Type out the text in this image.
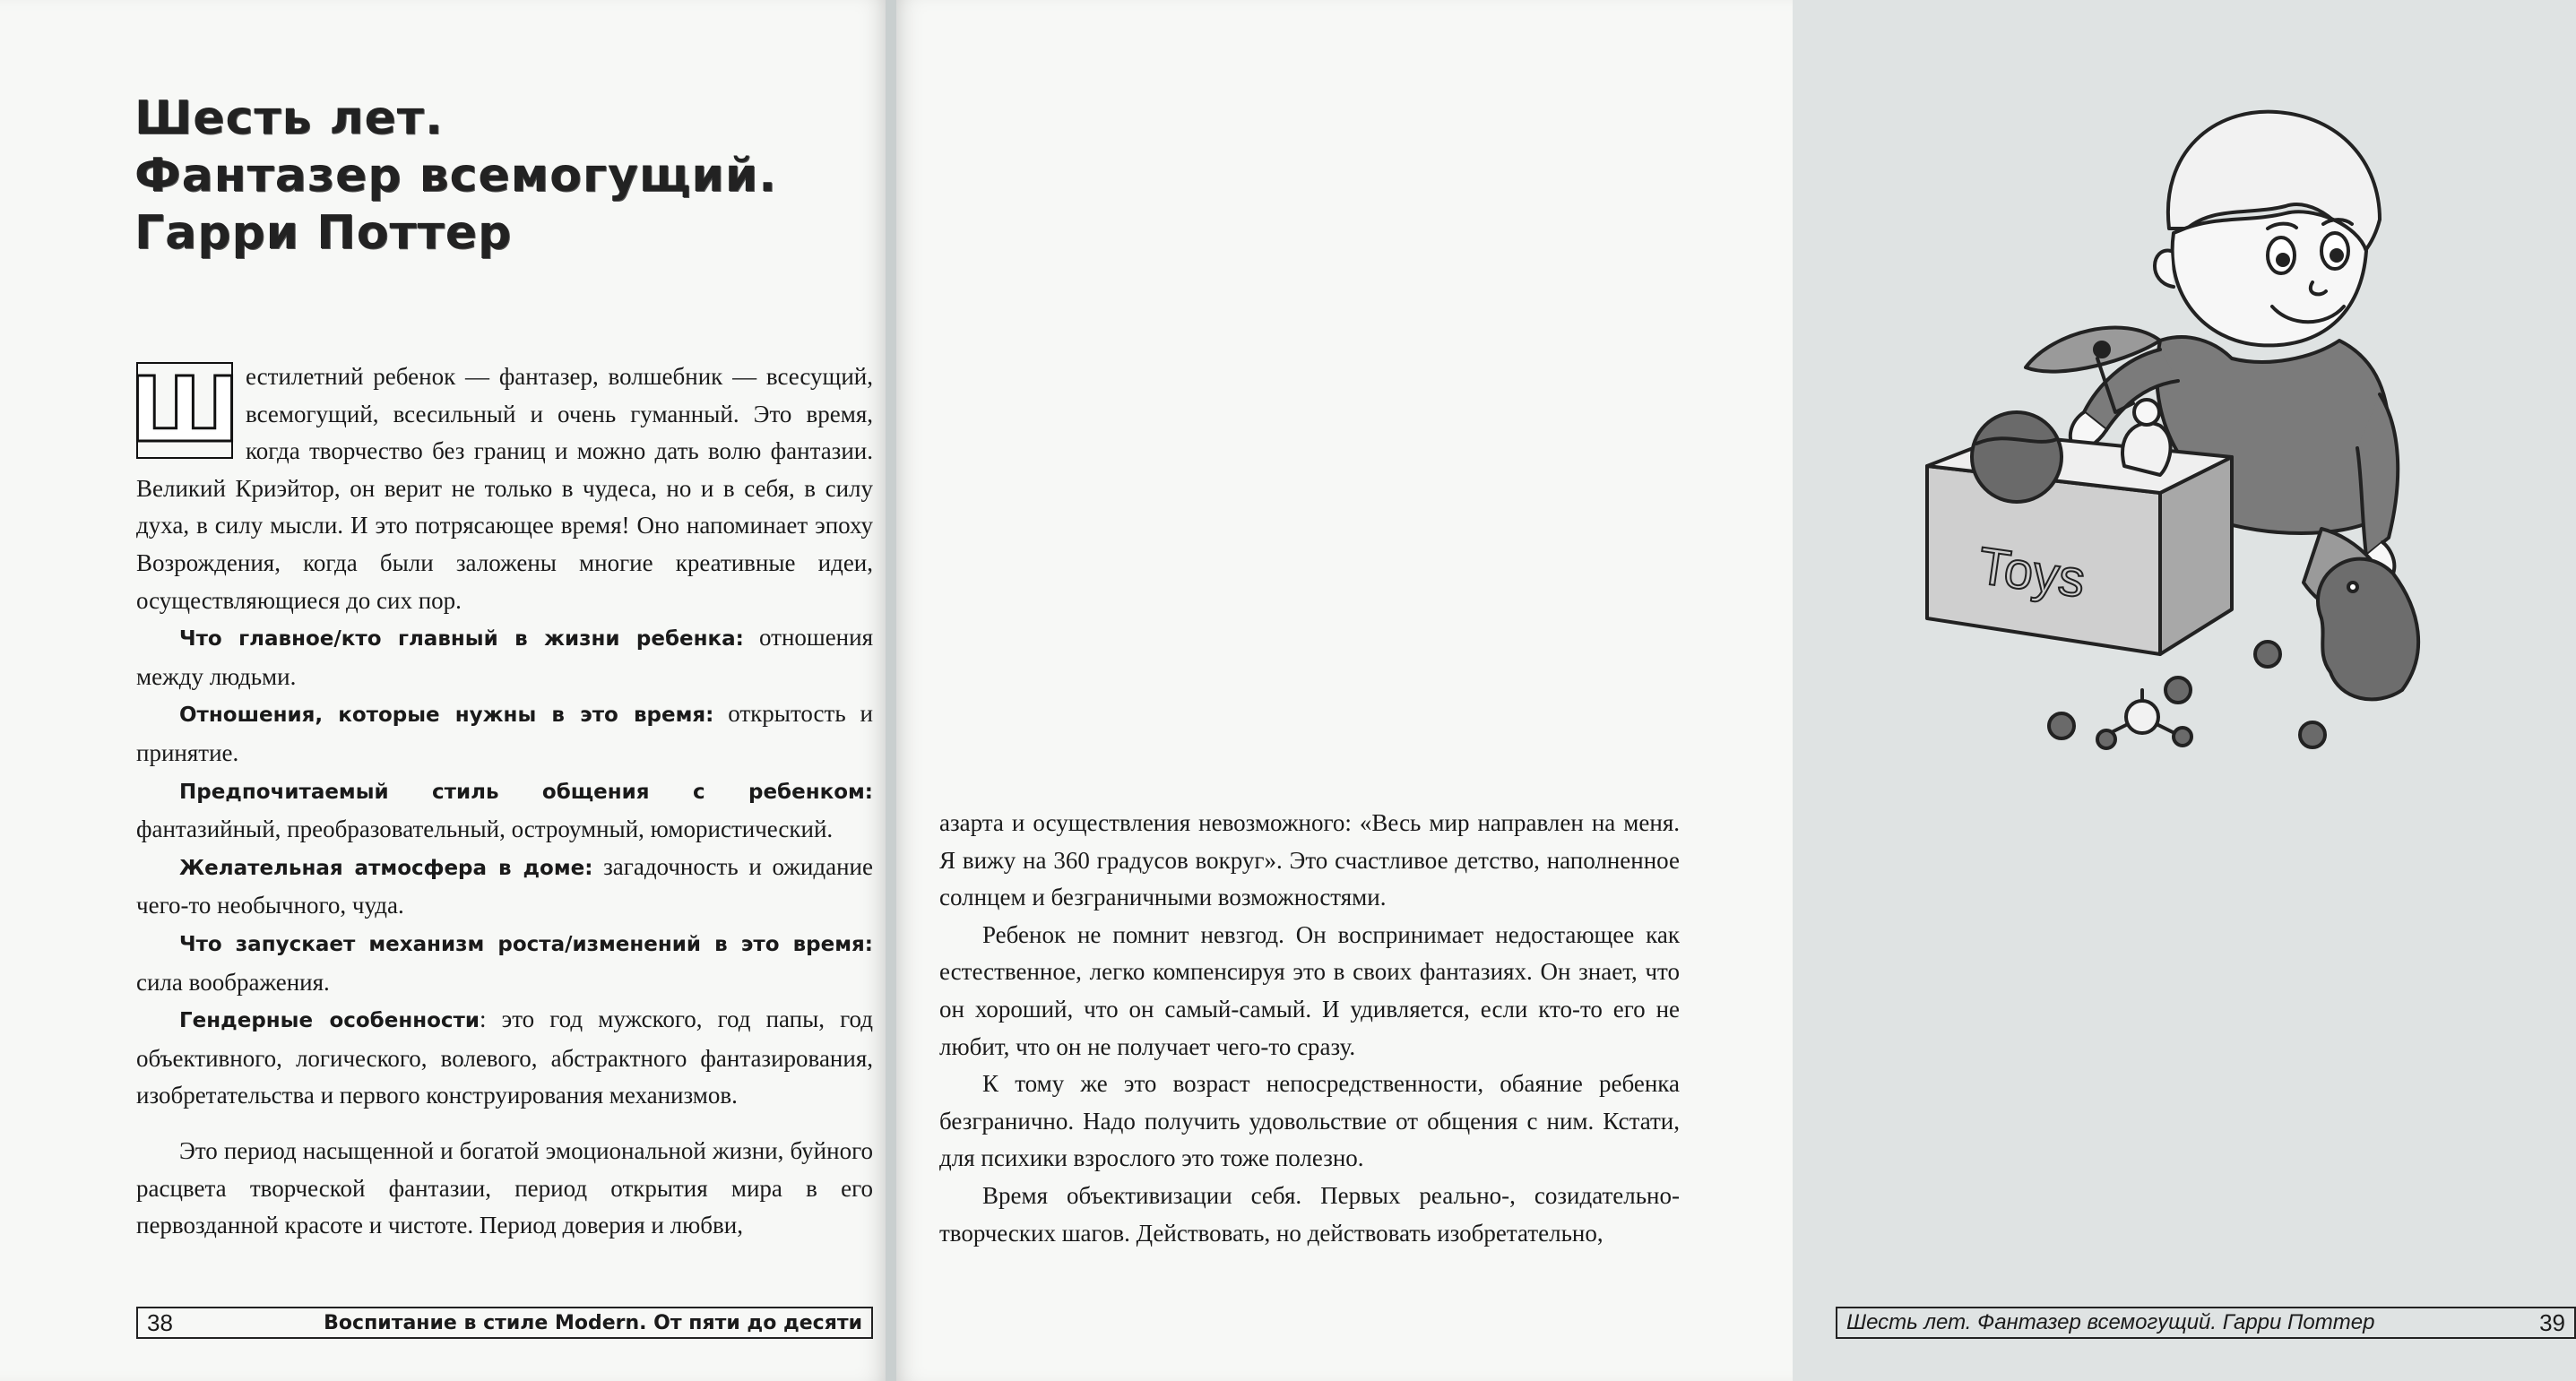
Шесть лет.
Фантазер всемогущий.
Гарри Поттер

Ш естилетний ребенок — фантазер, волшебник — всесущий, всемогущий, всесильный и очень гуманный. Это время, когда творчество без границ и можно дать волю фантазии. Великий Криэйтор, он верит не только в чудеса, но и в себя, в силу духа, в силу мысли. И это потрясающее время! Оно напоминает эпоху Возрождения, когда были заложены многие креативные идеи, осуществляющиеся до сих пор.

Что главное/кто главный в жизни ребенка: отношения между людьми.

Отношения, которые нужны в это время: открытость и принятие.

Предпочитаемый стиль общения с ребенком: фантазийный, преобразовательный, остроумный, юмористический.

Желательная атмосфера в доме: загадочность и ожидание чего-то необычного, чуда.

Что запускает механизм роста/изменений в это время: сила воображения.

Гендерные особенности: это год мужского, год папы, год объективного, логического, волевого, абстрактного фантазирования, изобретательства и первого конструирования механизмов.

Это период насыщенной и богатой эмоциональной жизни, буйного расцвета творческой фантазии, период открытия мира в его первозданной красоте и чистоте. Период доверия и любви,

38	Воспитание в стиле Modern. От пяти до десяти
Toys

азарта и осуществления невозможного: «Весь мир направлен на меня. Я вижу на 360 градусов вокруг». Это счастливое детство, наполненное солнцем и безграничными возможностями.

Ребенок не помнит невзгод. Он воспринимает недостающее как естественное, легко компенсируя это в своих фантазиях. Он знает, что он хороший, что он самый-самый. И удивляется, если кто-то его не любит, что он не получает чего-то сразу.

К тому же это возраст непосредственности, обаяние ребенка безгранично. Надо получить удовольствие от общения с ним. Кстати, для психики взрослого это тоже полезно.

Время объективизации себя. Первых реально-, созидательно-творческих шагов. Действовать, но действовать изобретательно,

Шесть лет. Фантазер всемогущий. Гарри Поттер	39
